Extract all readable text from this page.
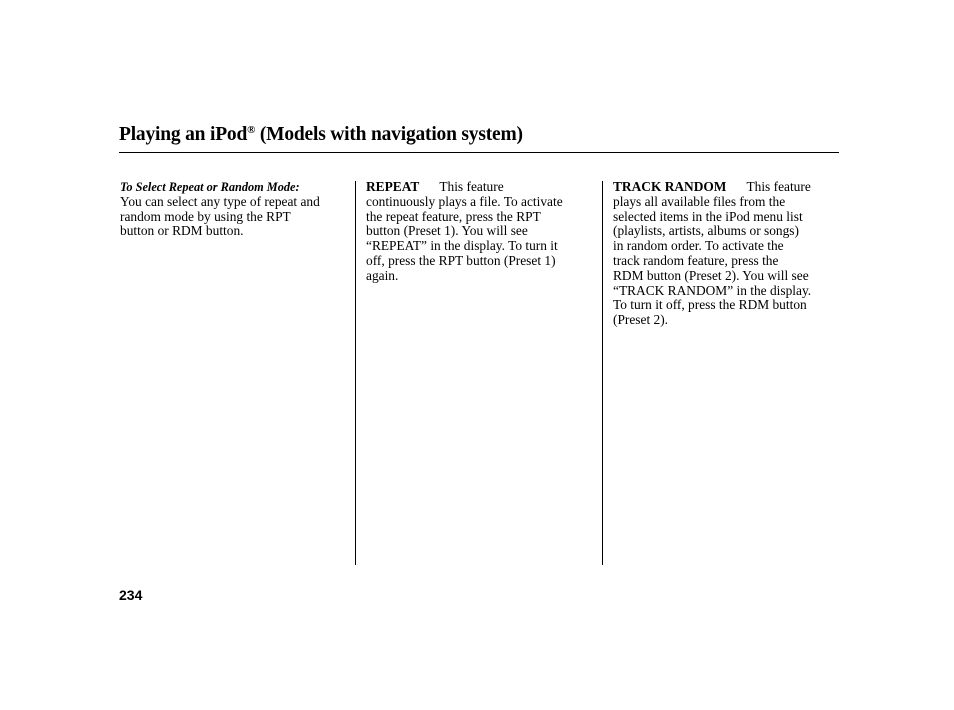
Playing an iPod® (Models with navigation system)
To Select Repeat or Random Mode:
You can select any type of repeat and
random mode by using the RPT
button or RDM button.
REPEAT This feature
continuously plays a file. To activate
the repeat feature, press the RPT
button (Preset 1). You will see
“REPEAT” in the display. To turn it
off, press the RPT button (Preset 1)
again.
TRACK RANDOM This feature
plays all available files from the
selected items in the iPod menu list
(playlists, artists, albums or songs)
in random order. To activate the
track random feature, press the
RDM button (Preset 2). You will see
“TRACK RANDOM” in the display.
To turn it off, press the RDM button
(Preset 2).
234
